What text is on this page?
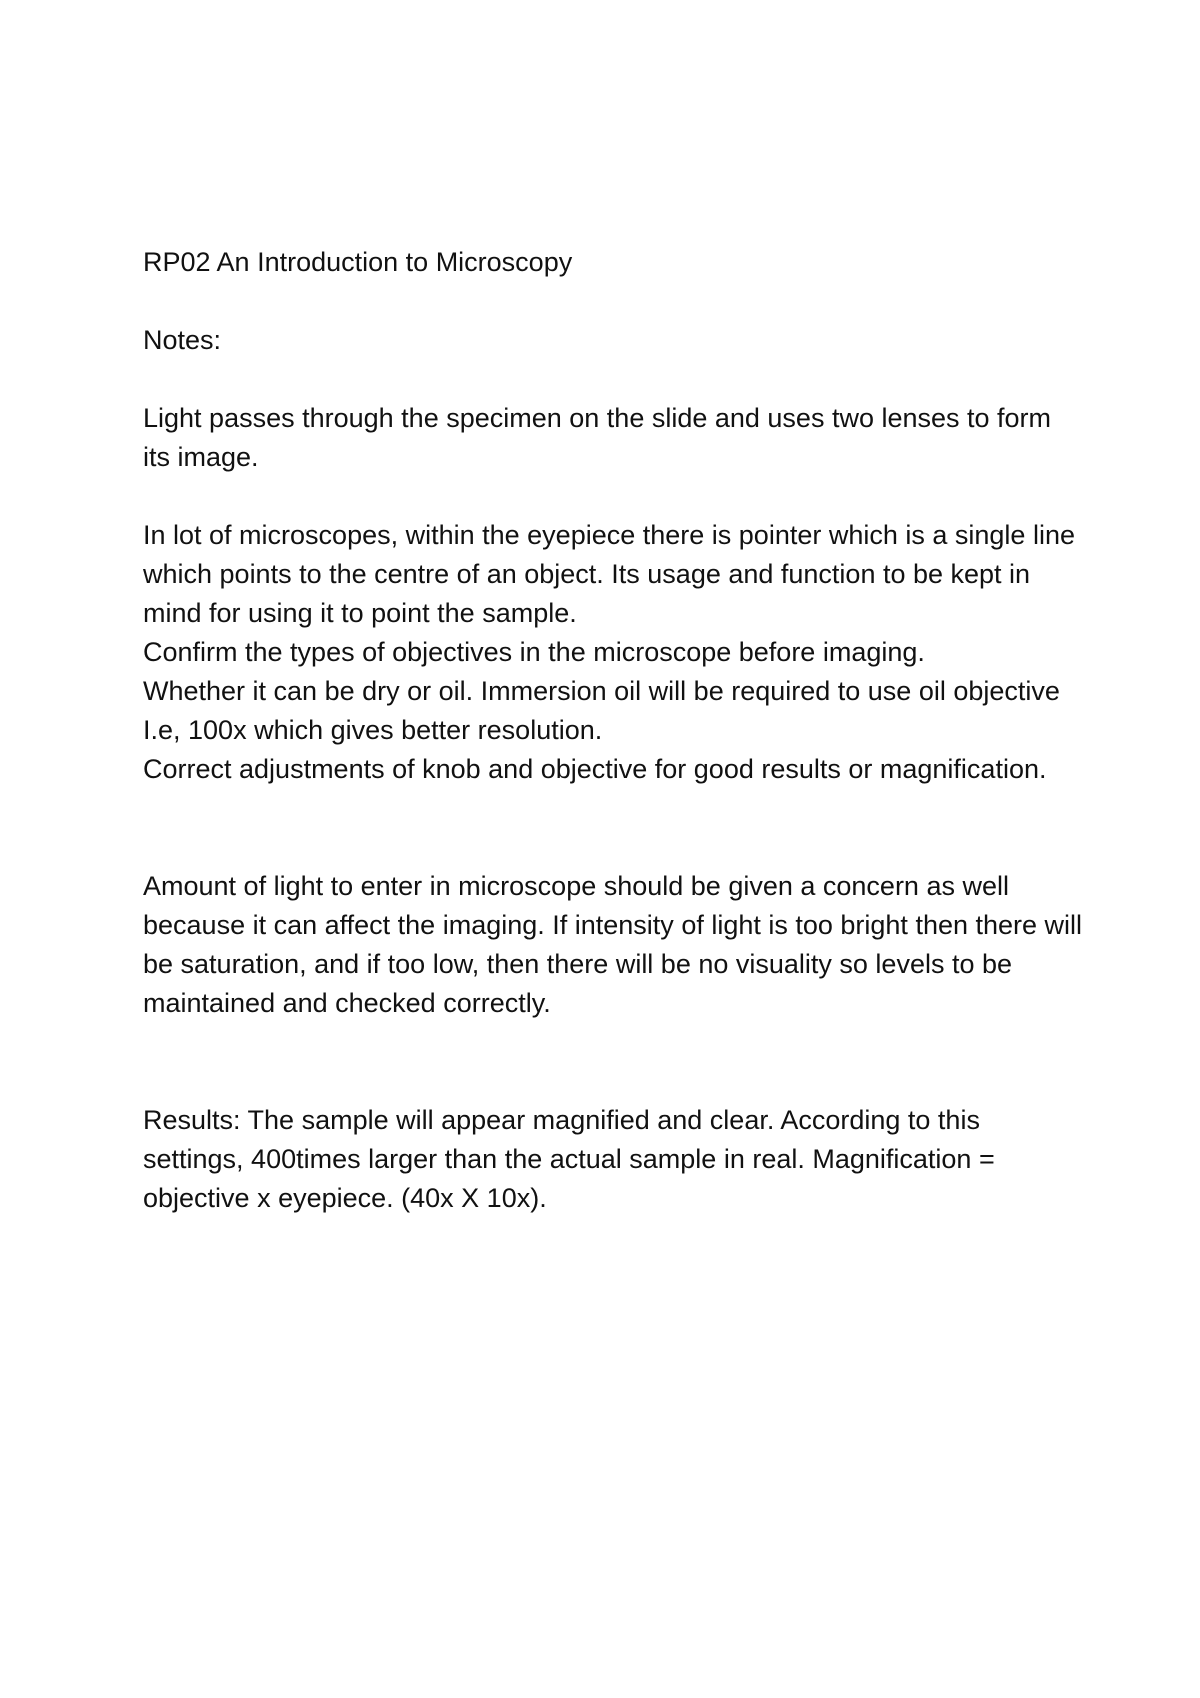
RP02 An Introduction to Microscopy

Notes:

Light passes through the specimen on the slide and uses two lenses to form its image.

In lot of microscopes, within the eyepiece there is pointer which is a single line which points to the centre of an object. Its usage and function to be kept in mind for using it to point the sample.

Confirm the types of objectives in the microscope before imaging.

Whether it can be dry or oil. Immersion oil will be required to use oil objective I.e, 100x which gives better resolution.

Correct adjustments of knob and objective for good results or magnification.

Amount of light to enter in microscope should be given a concern as well because it can affect the imaging. If intensity of light is too bright then there will be saturation, and if too low, then there will be no visuality so levels to be maintained and checked correctly.

Results: The sample will appear magnified and clear. According to this settings, 400times larger than the actual sample in real. Magnification = objective x eyepiece. (40x X 10x).
